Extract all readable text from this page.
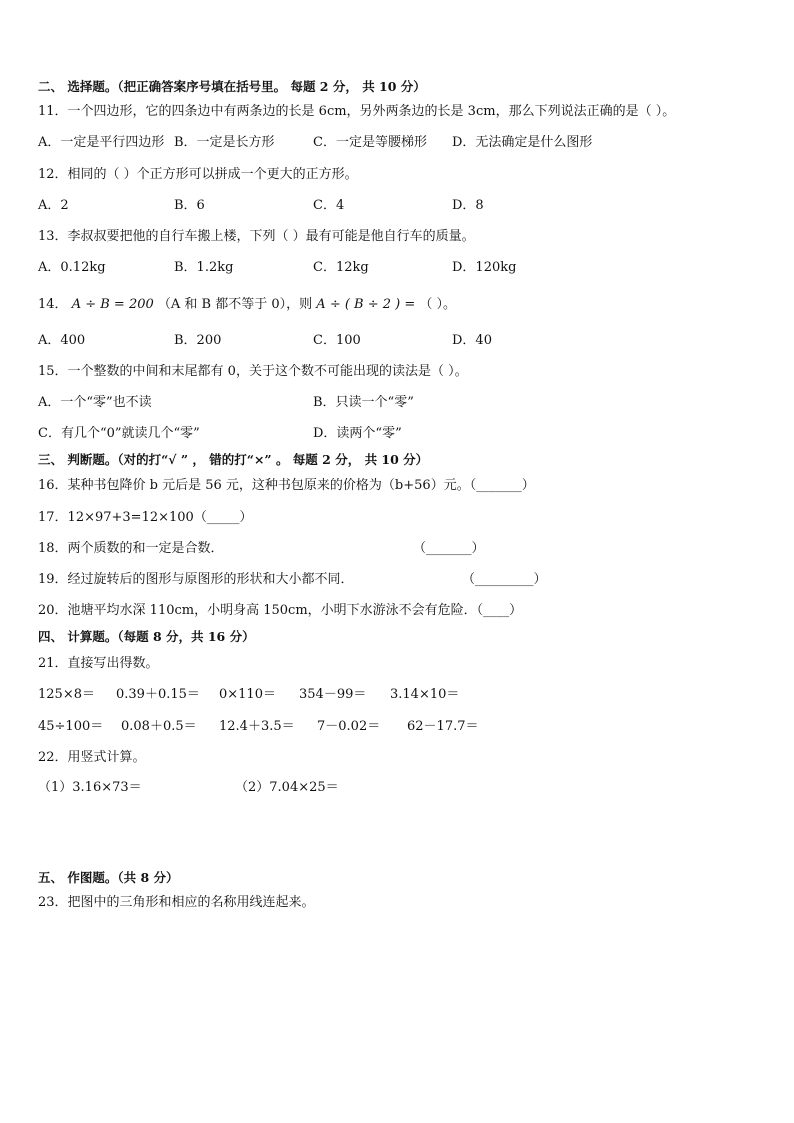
二、 选择题。（把正确答案序号填在括号里。 每题 2 分， 共 10 分）
11．一个四边形，它的四条边中有两条边的长是 6cm，另外两条边的长是 3cm，那么下列说法正确的是（ ）。
A．一定是平行四边形 B．一定是长方形	C．一定是等腰梯形 D．无法确定是什么图形
12．相同的（ ）个正方形可以拼成一个更大的正方形。
A．2	B．6	C．4	D．8
13．李叔叔要把他的自行车搬上楼，下列（ ）最有可能是他自行车的质量。
A．0.12kg	B．1.2kg	C．12kg	D．120kg
14． A ÷ B = 200 （A 和 B 都不等于 0），则 A ÷ ( B ÷ 2 ) = （ ）。
A．400	B．200	C．100	D．40
15．一个整数的中间和末尾都有 0，关于这个数不可能出现的读法是（ ）。
A．一个“零”也不读	B．只读一个“零”
C．有几个“0”就读几个“零”	D．读两个“零”
三、 判断题。（对的打“√ ” ， 错的打“×” 。 每题 2 分， 共 10 分）
16．某种书包降价 b 元后是 56 元，这种书包原来的价格为（b+56）元。（_______）
17．12×97+3=12×100（_____）
18．两个质数的和一定是合数．	（_______）
19．经过旋转后的图形与原图形的形状和大小都不同．	（_________）
20．池塘平均水深 110cm，小明身高 150cm，小明下水游泳不会有危险．（____）
四、 计算题。（每题 8 分，共 16 分）
21．直接写出得数。
125×8＝ 0.39＋0.15＝ 0×110＝ 354－99＝ 3.14×10＝
45÷100＝ 0.08＋0.5＝ 12.4＋3.5＝ 7－0.02＝ 62－17.7＝
22．用竖式计算。
（1）3.16×73＝	（2）7.04×25＝
五、 作图题。（共 8 分）
23．把图中的三角形和相应的名称用线连起来。
